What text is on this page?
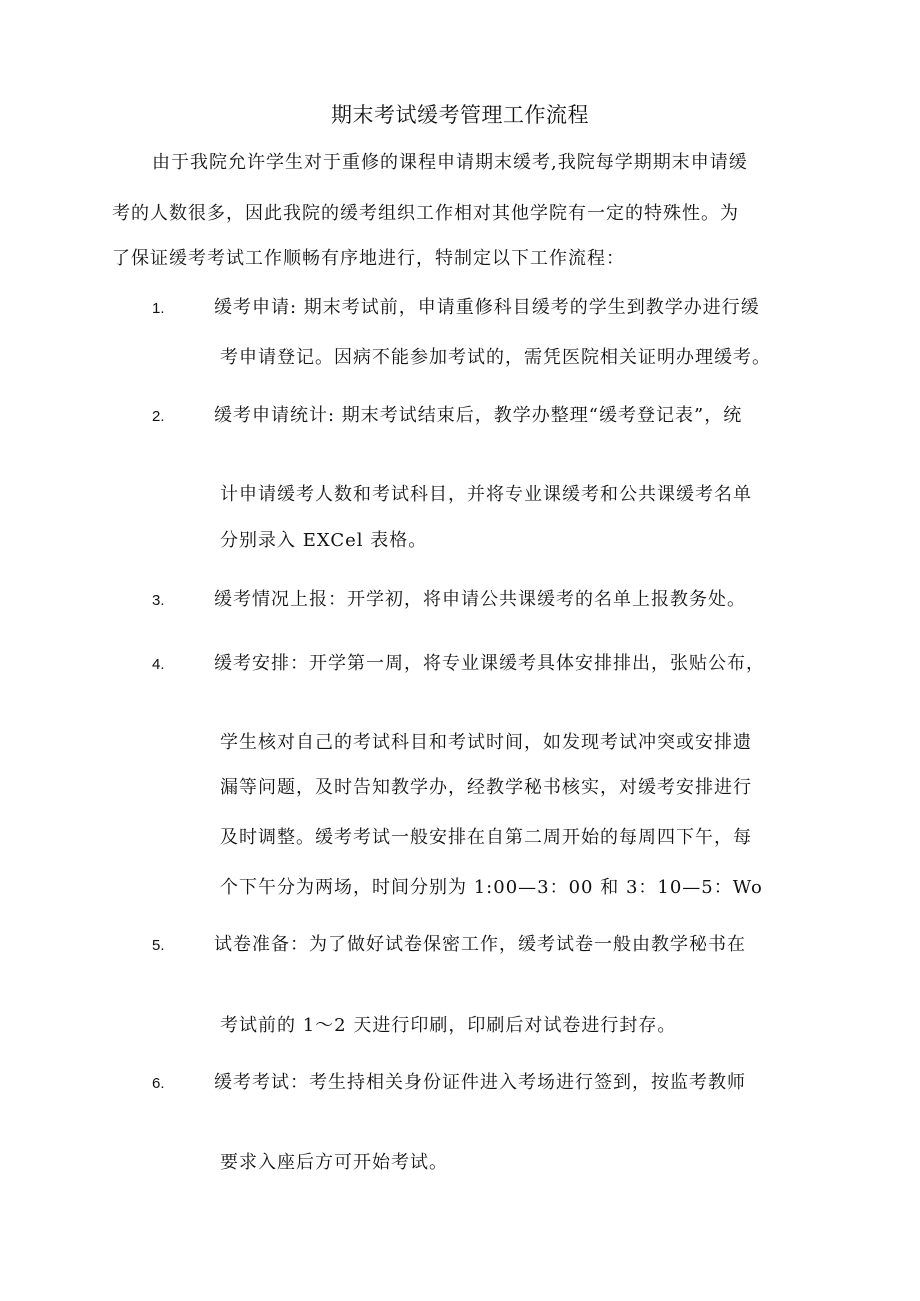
期末考试缓考管理工作流程
由于我院允许学生对于重修的课程申请期末缓考,我院每学期期末申请缓
考的人数很多，因此我院的缓考组织工作相对其他学院有一定的特殊性。为
了保证缓考考试工作顺畅有序地进行，特制定以下工作流程：
1.	缓考申请: 期末考试前，申请重修科目缓考的学生到教学办进行缓
考申请登记。因病不能参加考试的，需凭医院相关证明办理缓考。
2.	缓考申请统计: 期末考试结束后，教学办整理“缓考登记表”，统
计申请缓考人数和考试科目，并将专业课缓考和公共课缓考名单
分别录入 EXCel 表格。
3.	缓考情况上报：开学初，将申请公共课缓考的名单上报教务处。
4.	缓考安排：开学第一周，将专业课缓考具体安排排出，张贴公布，
学生核对自己的考试科目和考试时间，如发现考试冲突或安排遗
漏等问题，及时告知教学办，经教学秘书核实，对缓考安排进行
及时调整。缓考考试一般安排在自第二周开始的每周四下午，每
个下午分为两场，时间分别为 1:00—3：00 和 3：10—5：Wo
5.	试卷准备：为了做好试卷保密工作，缓考试卷一般由教学秘书在
考试前的 1～2 天进行印刷，印刷后对试卷进行封存。
6.	缓考考试：考生持相关身份证件进入考场进行签到，按监考教师
要求入座后方可开始考试。
